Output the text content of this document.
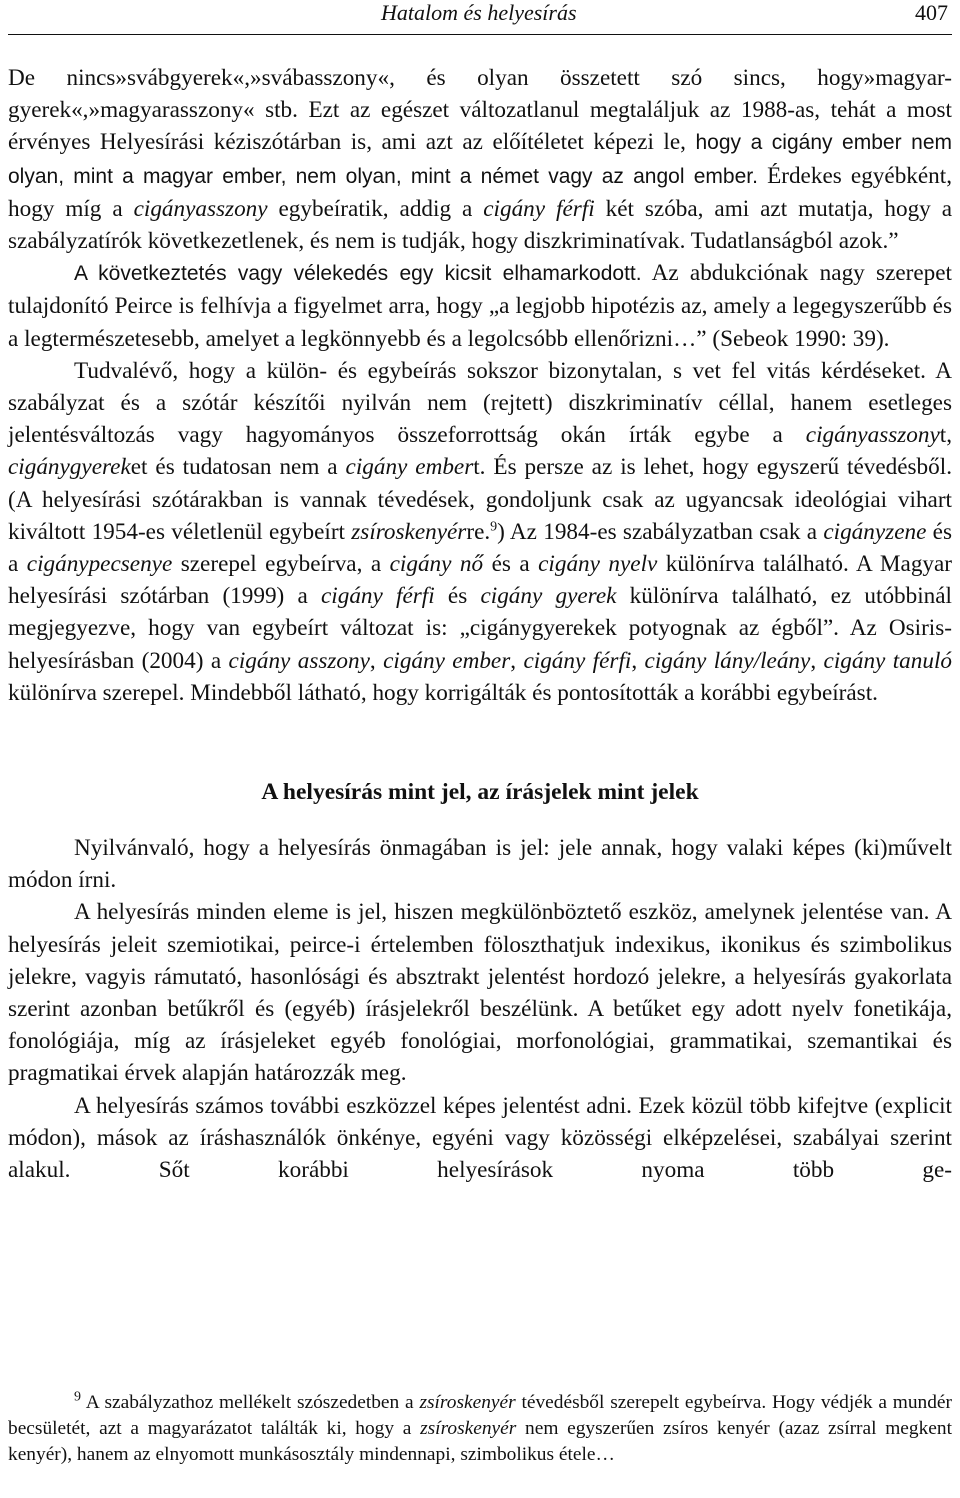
Hatalom és helyesírás	407

De nincs»svábgyerek«,»svábasszony«, és olyan összetett szó sincs, hogy»magyar-gyerek«,»magyarasszony« stb. Ezt az egészet változatlanul megtaláljuk az 1988-as, tehát a most érvényes Helyesírási kéziszótárban is, ami azt az előítéletet képezi le, hogy a cigány ember nem olyan, mint a magyar ember, nem olyan, mint a német vagy az angol ember. Érdekes egyébként, hogy míg a cigányasszony egybeíratik, addig a cigány férfi két szóba, ami azt mutatja, hogy a szabályzatírók következetlenek, és nem is tudják, hogy diszkriminatívak. Tudatlanságból azok.”

A következtetés vagy vélekedés egy kicsit elhamarkodott. Az abdukciónak nagy szerepet tulajdonító Peirce is felhívja a figyelmet arra, hogy „a legjobb hipotézis az, amely a legegyszerűbb és a legtermészetesebb, amelyet a legkönnyebb és a legolcsóbb ellenőrizni…” (Sebeok 1990: 39).

Tudvalévő, hogy a külön- és egybeírás sokszor bizonytalan, s vet fel vitás kérdéseket. A szabályzat és a szótár készítői nyilván nem (rejtett) diszkriminatív céllal, hanem esetleges jelentésváltozás vagy hagyományos összeforrottság okán írták egybe a cigányasszonyt, cigánygyereket és tudatosan nem a cigány embert. És persze az is lehet, hogy egyszerű tévedésből. (A helyesírási szótárakban is vannak tévedések, gondoljunk csak az ugyancsak ideológiai vihart kiváltott 1954-es véletlenül egybeírt zsíroskenyérre.$^9$) Az 1984-es szabályzatban csak a cigányzene és a cigánypecsenye szerepel egybeírva, a cigány nő és a cigány nyelv különírva található. A Magyar helyesírási szótárban (1999) a cigány férfi és cigány gyerek különírva található, ez utóbbinál megjegyezve, hogy van egybeírt változat is: „cigánygyerekek potyognak az égből”. Az Osiris-helyesírásban (2004) a cigány asszony, cigány ember, cigány férfi, cigány lány/leány, cigány tanuló különírva szerepel. Mindebből látható, hogy korrigálták és pontosították a korábbi egybeírást.

A helyesírás mint jel, az írásjelek mint jelek

Nyilvánvaló, hogy a helyesírás önmagában is jel: jele annak, hogy valaki képes (ki)művelt módon írni.

A helyesírás minden eleme is jel, hiszen megkülönböztető eszköz, amelynek jelentése van. A helyesírás jeleit szemiotikai, peirce-i értelemben föloszthatjuk indexikus, ikonikus és szimbolikus jelekre, vagyis rámutató, hasonlósági és absztrakt jelentést hordozó jelekre, a helyesírás gyakorlata szerint azonban betűkről és (egyéb) írásjelekről beszélünk. A betűket egy adott nyelv fonetikája, fonológiája, míg az írásjeleket egyéb fonológiai, morfonológiai, grammatikai, szemantikai és pragmatikai érvek alapján határozzák meg.

A helyesírás számos további eszközzel képes jelentést adni. Ezek közül több kifejtve (explicit módon), mások az íráshasználók önkénye, egyéni vagy közösségi elképzelései, szabályai szerint alakul. Sőt korábbi helyesírások nyoma több ge-

$^9$ A szabályzathoz mellékelt szószedetben a zsíroskenyér tévedésből szerepelt egybeírva. Hogy védjék a mundér becsületét, azt a magyarázatot találták ki, hogy a zsíroskenyér nem egyszerűen zsíros kenyér (azaz zsírral megkent kenyér), hanem az elnyomott munkásosztály mindennapi, szimbolikus étele…
